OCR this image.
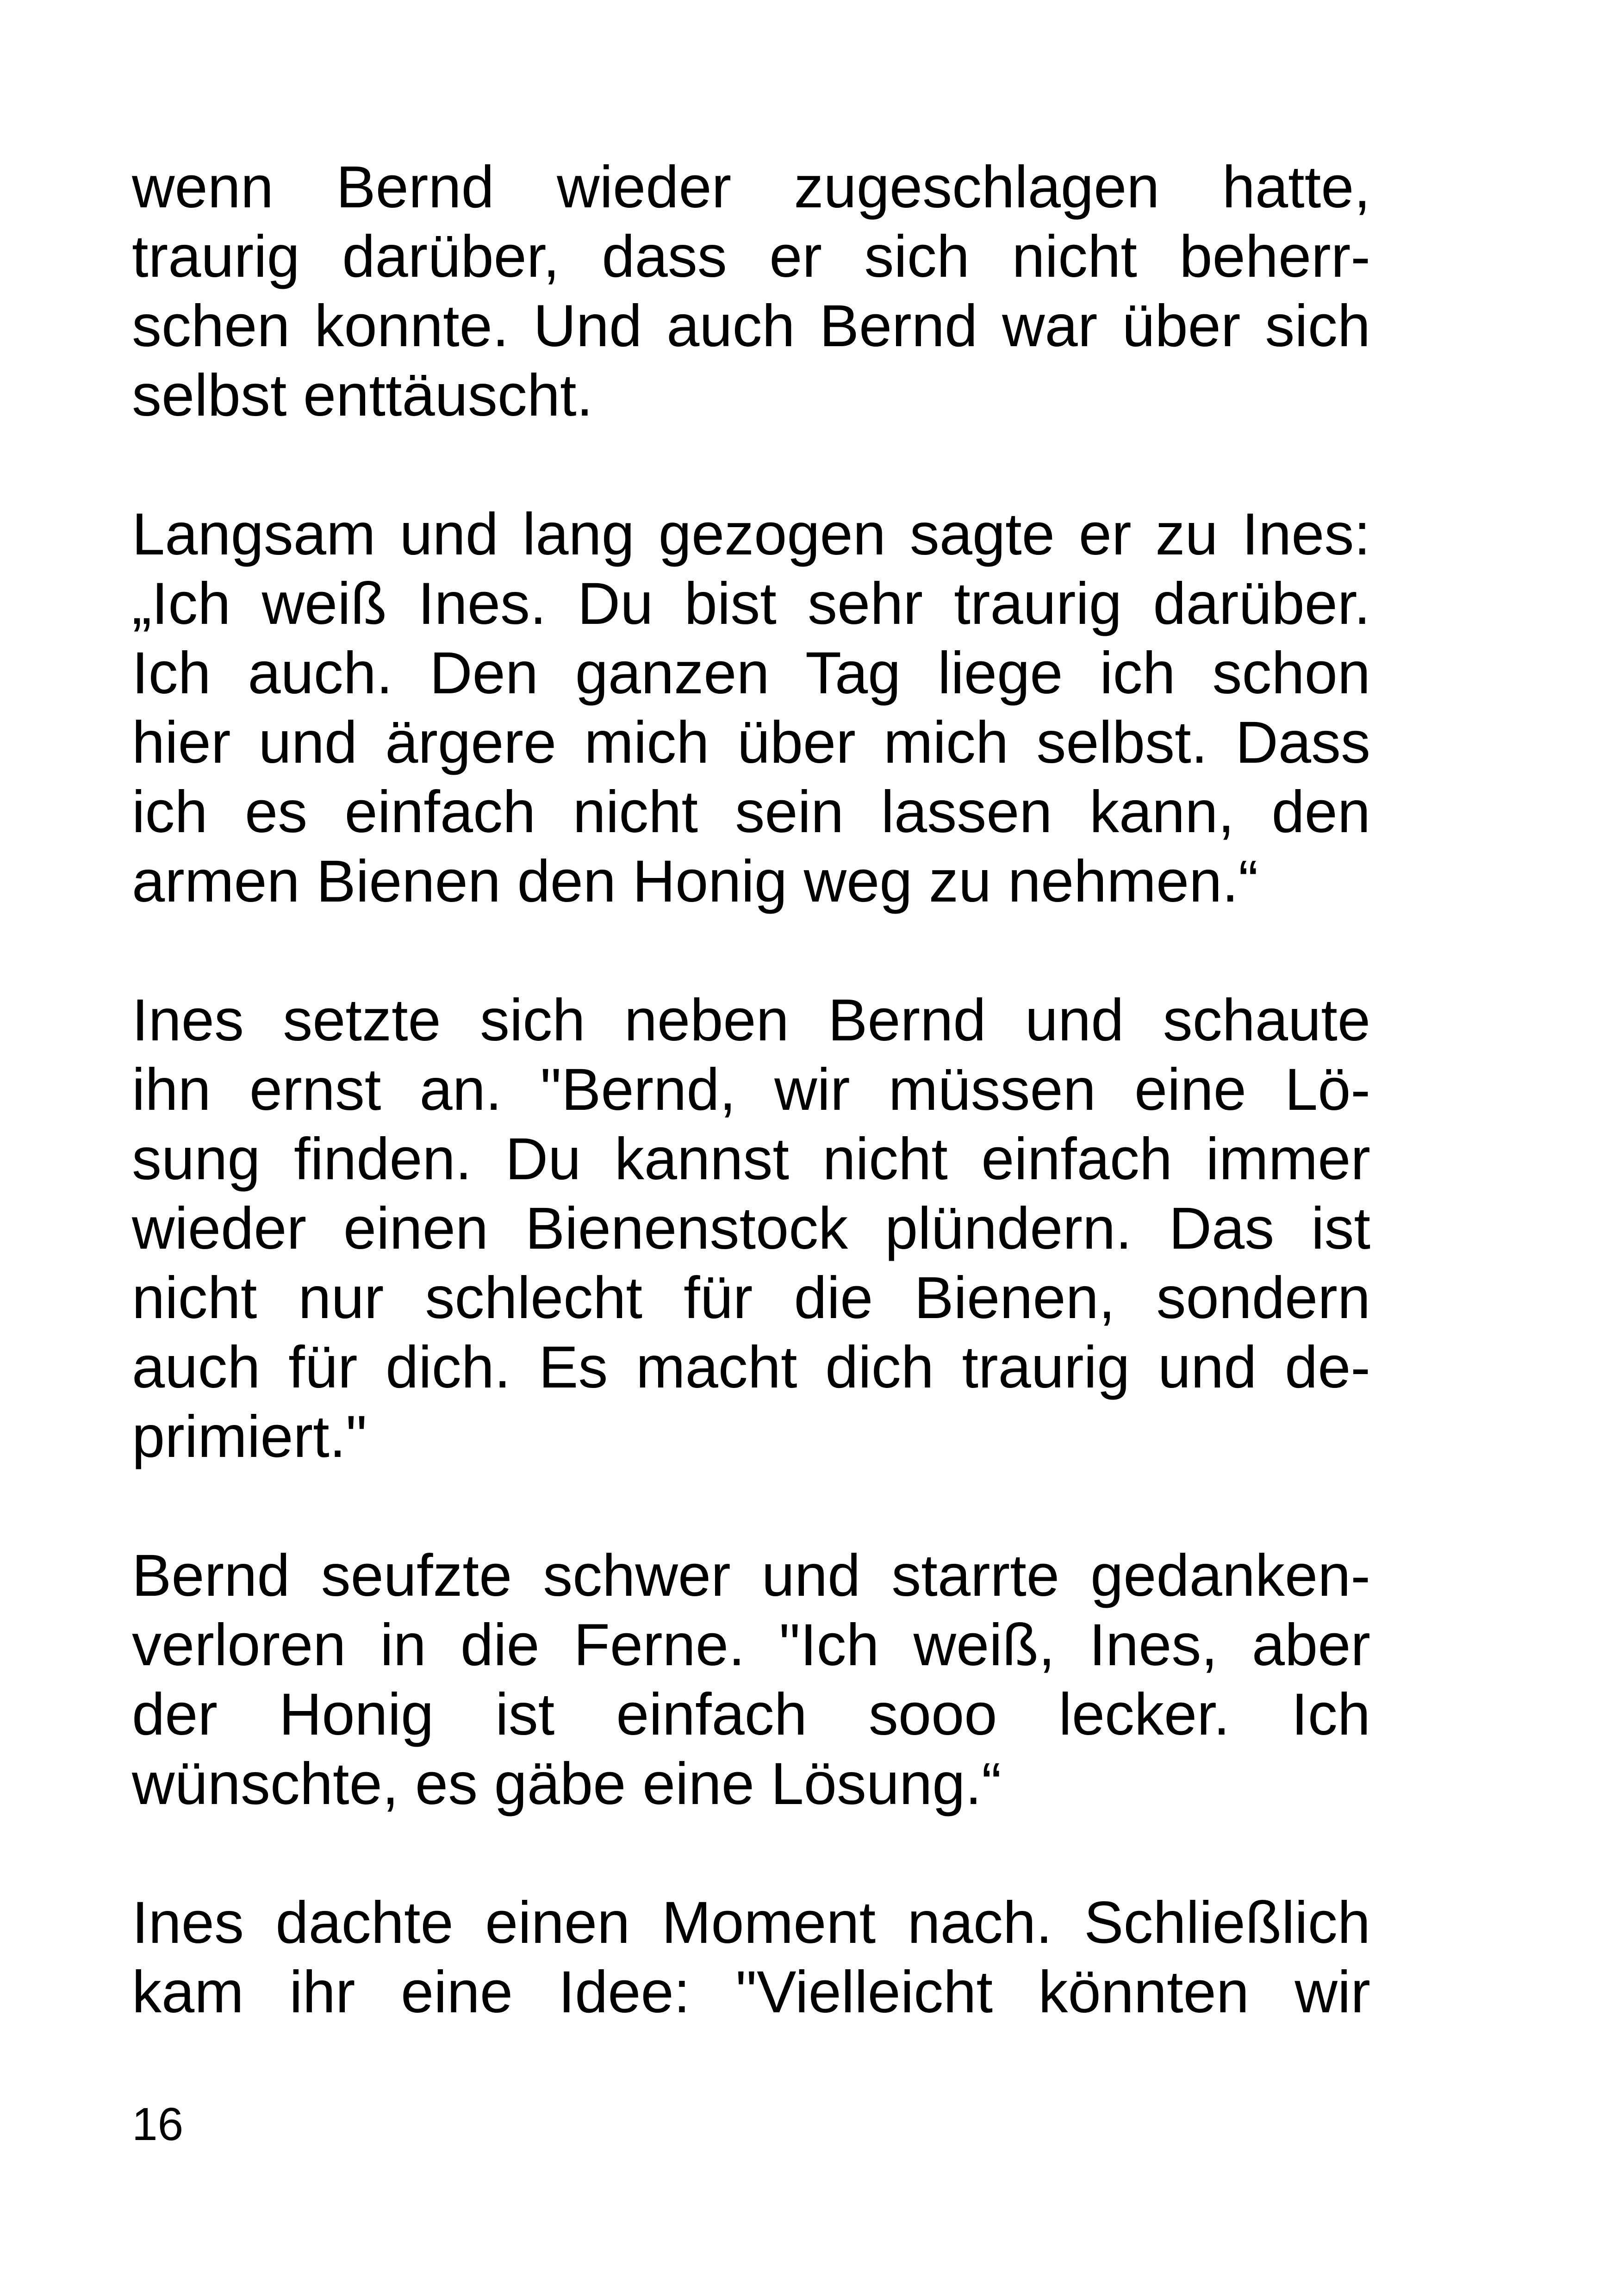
wenn Bernd wieder zugeschlagen hatte,
traurig darüber, dass er sich nicht beherr-
schen konnte. Und auch Bernd war über sich
selbst enttäuscht.
Langsam und lang gezogen sagte er zu Ines:
„Ich weiß Ines. Du bist sehr traurig darüber.
Ich auch. Den ganzen Tag liege ich schon
hier und ärgere mich über mich selbst. Dass
ich es einfach nicht sein lassen kann, den
armen Bienen den Honig weg zu nehmen.“
Ines setzte sich neben Bernd und schaute
ihn ernst an. "Bernd, wir müssen eine Lö-
sung finden. Du kannst nicht einfach immer
wieder einen Bienenstock plündern. Das ist
nicht nur schlecht für die Bienen, sondern
auch für dich. Es macht dich traurig und de-
primiert."
Bernd seufzte schwer und starrte gedanken-
verloren in die Ferne. "Ich weiß, Ines, aber
der Honig ist einfach sooo lecker. Ich
wünschte, es gäbe eine Lösung.“
Ines dachte einen Moment nach. Schließlich
kam ihr eine Idee: "Vielleicht könnten wir
16
